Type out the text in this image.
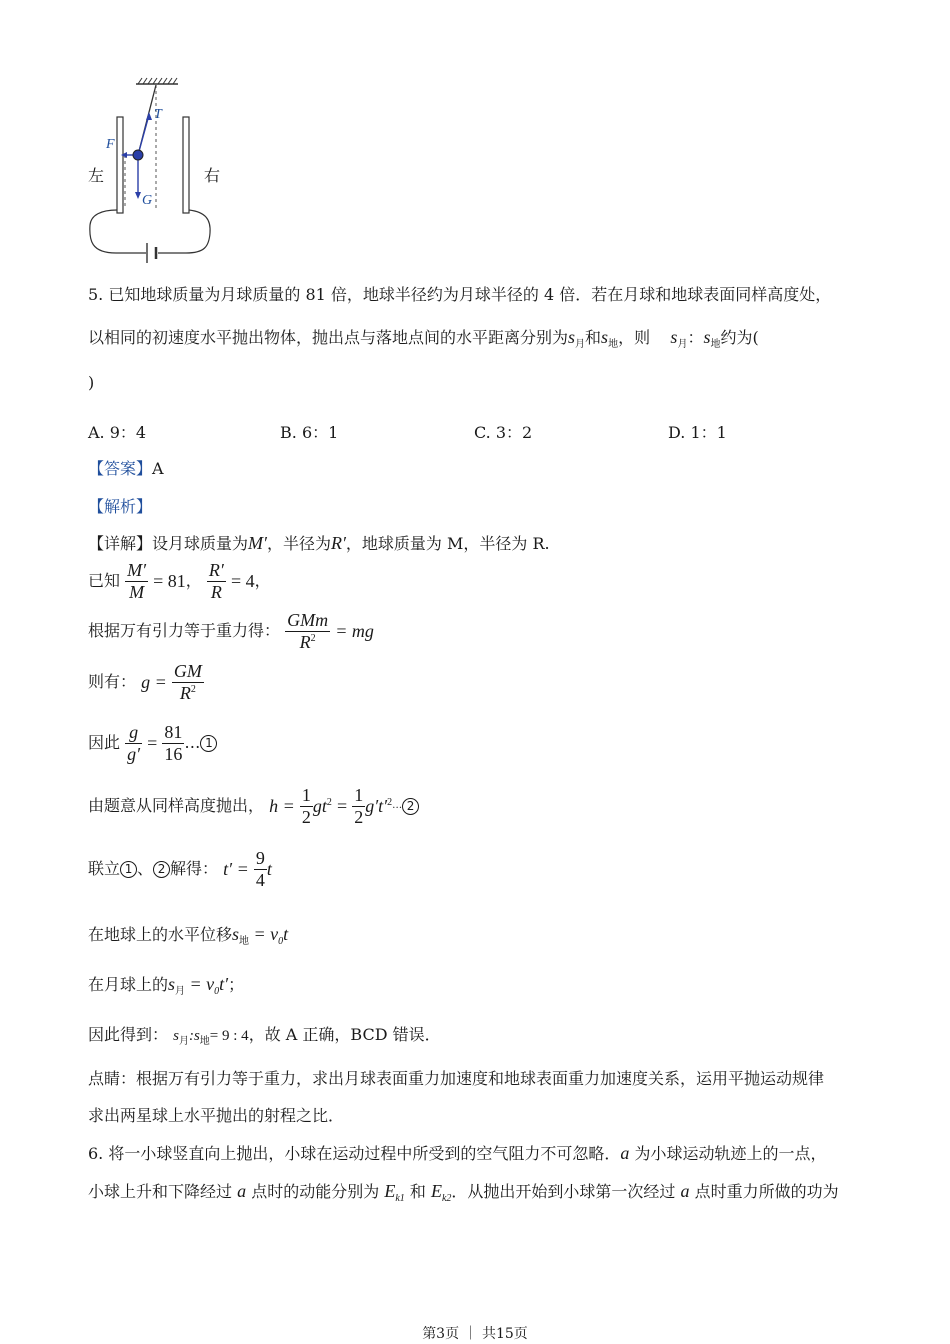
左	右
T
F
G
5. 已知地球质量为月球质量的 81 倍，地球半径约为月球半径的 4 倍．若在月球和地球表面同样高度处，
以相同的初速度水平抛出物体，抛出点与落地点间的水平距离分别为$s_月$和$s_地$，则 $s_月$：$s_地$约为(
)
A. 9：4	B. 6：1	C. 3：2	D. 1：1
【答案】A
【解析】
【详解】设月球质量为M′，半径为R′，地球质量为 M，半径为 R.
已知 $\frac{M'}{M} = 81$， $\frac{R'}{R} = 4$，
根据万有引力等于重力得： $\frac{\text{GMm}}{R^2}$ = mg
则有： $g = \frac{GM}{R^2}$
因此 $\frac{g}{g'} = \frac{81}{16}$ … 1
由题意从同样高度抛出， $h = \frac{1}{2} gt^2 = \frac{1}{2}$ $g't'^2\dots$ 2
联立 1 、 2 解得： $t' = \frac{9}{4}$ t
在地球上的水平位移$s_地 = v_0t$
在月球上的$s_月 = v_0t'$；
因此得到： $s_月:s_地= 9$ : 4，故 A 正确，BCD 错误．
点睛：根据万有引力等于重力，求出月球表面重力加速度和地球表面重力加速度关系，运用平抛运动规律
求出两星球上水平抛出的射程之比．
6. 将一小球竖直向上抛出，小球在运动过程中所受到的空气阻力不可忽略．a 为小球运动轨迹上的一点，
小球上升和下降经过 a 点时的动能分别为 $E_{k1}$ 和 $E_{k2}$．从抛出开始到小球第一次经过 a 点时重力所做的功为
第3页 ｜ 共15页
